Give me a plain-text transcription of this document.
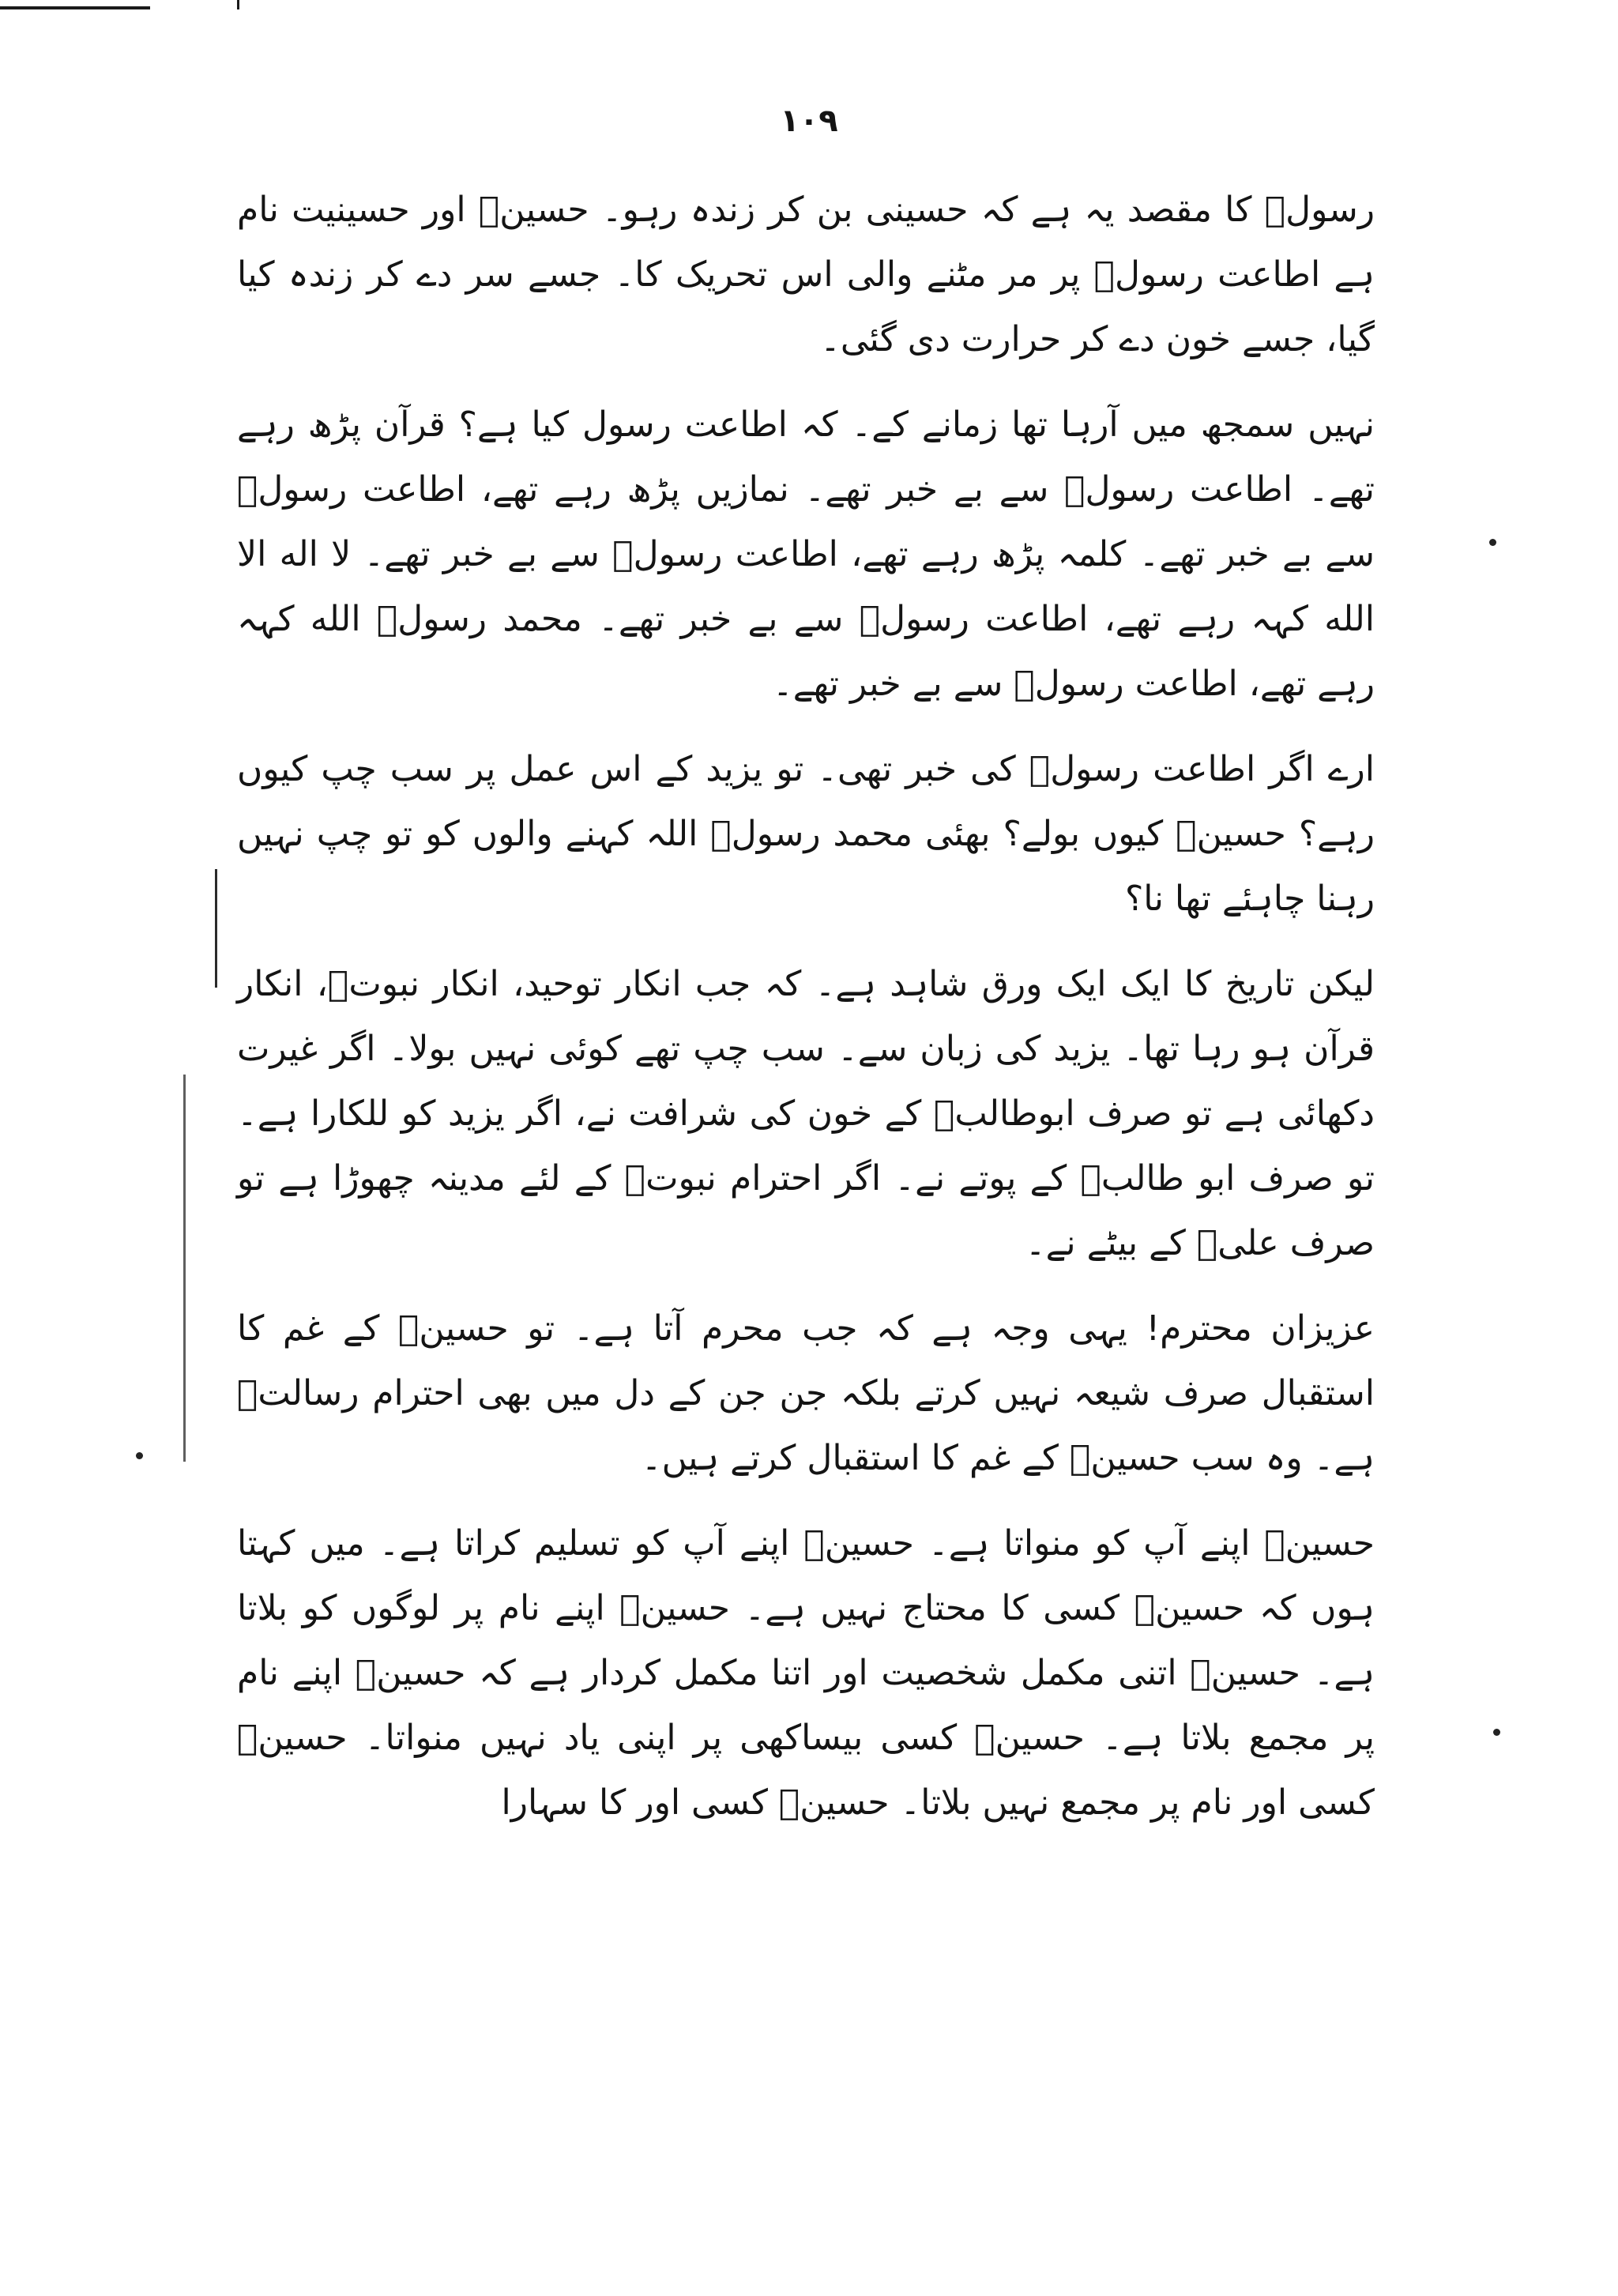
۱۰۹

رسولؐ کا مقصد یہ ہے کہ حسینی بن کر زندہ رہو۔ حسینؑ اور حسینیت نام ہے اطاعت رسولؐ پر مر مٹنے والی اس تحریک کا۔ جسے سر دے کر زندہ کیا گیا، جسے خون دے کر حرارت دی گئی۔

نہیں سمجھ میں آرہا تھا زمانے کے۔ کہ اطاعت رسول کیا ہے؟ قرآن پڑھ رہے تھے۔ اطاعت رسولؐ سے بے خبر تھے۔ نمازیں پڑھ رہے تھے، اطاعت رسولؐ سے بے خبر تھے۔ کلمہ پڑھ رہے تھے، اطاعت رسولؐ سے بے خبر تھے۔ لا اله الا الله کہہ رہے تھے، اطاعت رسولؐ سے بے خبر تھے۔ محمد رسولؐ الله کہہ رہے تھے، اطاعت رسولؐ سے بے خبر تھے۔

ارے اگر اطاعت رسولؐ کی خبر تھی۔ تو یزید کے اس عمل پر سب چپ کیوں رہے؟ حسینؑ کیوں بولے؟ بھئی محمد رسولؐ اللہ کہنے والوں کو تو چپ نہیں رہنا چاہئے تھا نا؟

لیکن تاریخ کا ایک ایک ورق شاہد ہے۔ کہ جب انکار توحید، انکار نبوتؐ، انکار قرآن ہو رہا تھا۔ یزید کی زبان سے۔ سب چپ تھے کوئی نہیں بولا۔ اگر غیرت دکھائی ہے تو صرف ابوطالبؑ کے خون کی شرافت نے، اگر یزید کو للکارا ہے۔ تو صرف ابو طالبؑ کے پوتے نے۔ اگر احترام نبوتؐ کے لئے مدینہ چھوڑا ہے تو صرف علیؑ کے بیٹے نے۔

عزیزان محترم! یہی وجہ ہے کہ جب محرم آتا ہے۔ تو حسینؑ کے غم کا استقبال صرف شیعہ نہیں کرتے بلکہ جن جن کے دل میں بھی احترام رسالتؐ ہے۔ وہ سب حسینؑ کے غم کا استقبال کرتے ہیں۔

حسینؑ اپنے آپ کو منواتا ہے۔ حسینؑ اپنے آپ کو تسلیم کراتا ہے۔ میں کہتا ہوں کہ حسینؑ کسی کا محتاج نہیں ہے۔ حسینؑ اپنے نام پر لوگوں کو بلاتا ہے۔ حسینؑ اتنی مکمل شخصیت اور اتنا مکمل کردار ہے کہ حسینؑ اپنے نام پر مجمع بلاتا ہے۔ حسینؑ کسی بیساکھی پر اپنی یاد نہیں منواتا۔ حسینؑ کسی اور نام پر مجمع نہیں بلاتا۔ حسینؑ کسی اور کا سہارا
